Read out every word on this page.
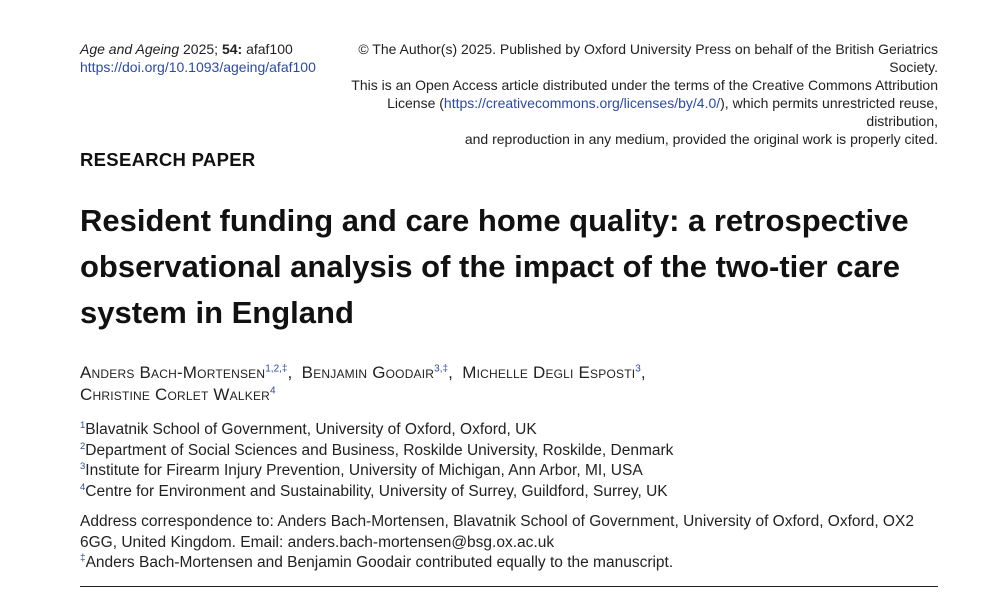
Age and Ageing 2025; 54: afaf100
https://doi.org/10.1093/ageing/afaf100
© The Author(s) 2025. Published by Oxford University Press on behalf of the British Geriatrics Society.
This is an Open Access article distributed under the terms of the Creative Commons Attribution
License (https://creativecommons.org/licenses/by/4.0/), which permits unrestricted reuse, distribution,
and reproduction in any medium, provided the original work is properly cited.
RESEARCH PAPER
Resident funding and care home quality: a retrospective observational analysis of the impact of the two-tier care system in England
Anders Bach-Mortensen$^{1,2,\ddagger}$, Benjamin Goodair$^{3,\ddagger}$, Michelle Degli Esposti$^3$,
Christine Corlet Walker$^4$
$^1$Blavatnik School of Government, University of Oxford, Oxford, UK
$^2$Department of Social Sciences and Business, Roskilde University, Roskilde, Denmark
$^3$Institute for Firearm Injury Prevention, University of Michigan, Ann Arbor, MI, USA
$^4$Centre for Environment and Sustainability, University of Surrey, Guildford, Surrey, UK
Address correspondence to: Anders Bach-Mortensen, Blavatnik School of Government, University of Oxford, Oxford, OX2 6GG, United Kingdom. Email: anders.bach-mortensen@bsg.ox.ac.uk
‡Anders Bach-Mortensen and Benjamin Goodair contributed equally to the manuscript.
